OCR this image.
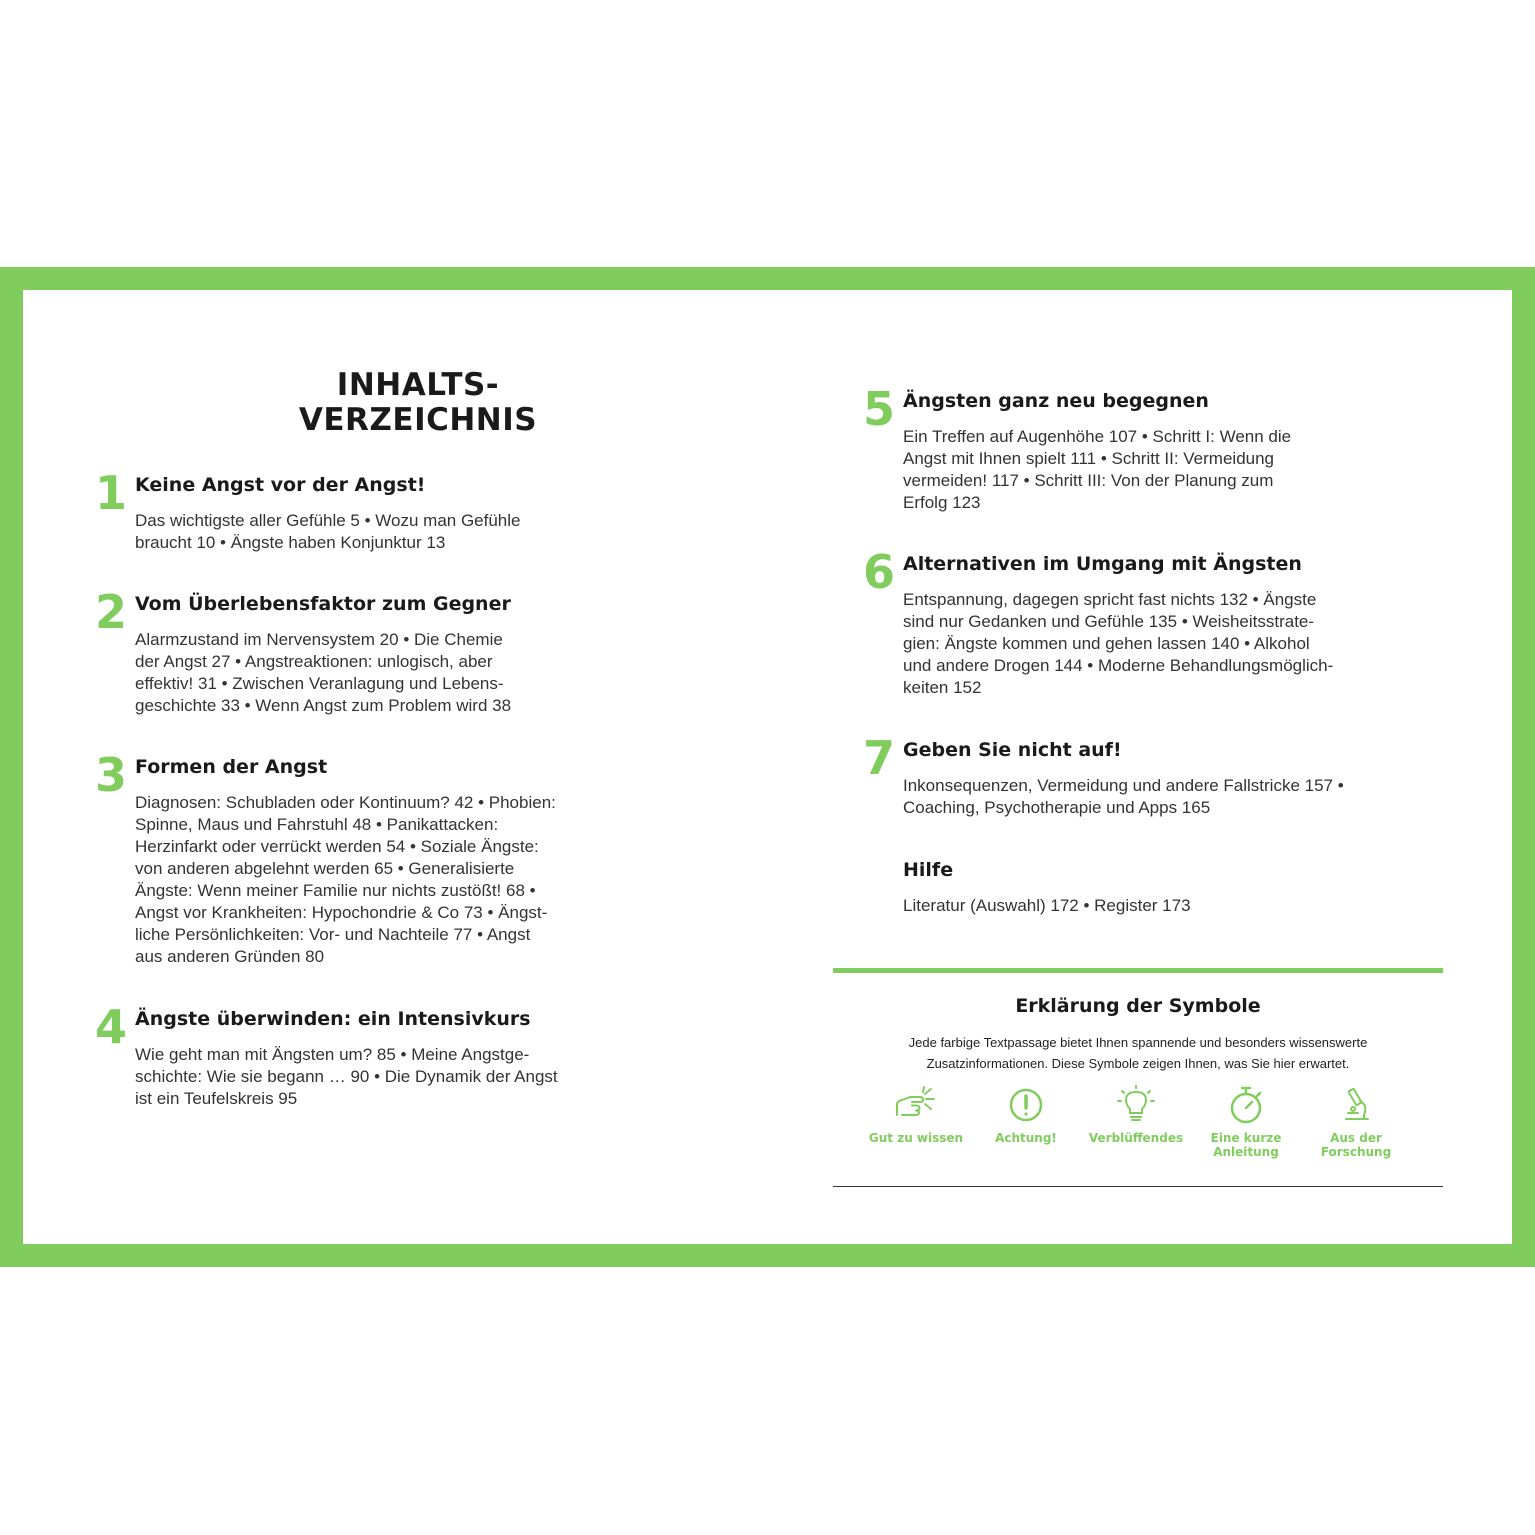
INHALTS-
VERZEICHNIS
1 Keine Angst vor der Angst!
Das wichtigste aller Gefühle 5 • Wozu man Gefühle
braucht 10 • Ängste haben Konjunktur 13
2 Vom Überlebensfaktor zum Gegner
Alarmzustand im Nervensystem 20 • Die Chemie
der Angst 27 • Angstreaktionen: unlogisch, aber
effektiv! 31 • Zwischen Veranlagung und Lebens-
geschichte 33 • Wenn Angst zum Problem wird 38
3 Formen der Angst
Diagnosen: Schubladen oder Kontinuum? 42 • Phobien:
Spinne, Maus und Fahrstuhl 48 • Panikattacken:
Herzinfarkt oder verrückt werden 54 • Soziale Ängste:
von anderen abgelehnt werden 65 • Generalisierte
Ängste: Wenn meiner Familie nur nichts zustößt! 68 •
Angst vor Krankheiten: Hypochondrie & Co 73 • Ängst-
liche Persönlichkeiten: Vor- und Nachteile 77 • Angst
aus anderen Gründen 80
4 Ängste überwinden: ein Intensivkurs
Wie geht man mit Ängsten um? 85 • Meine Angstge-
schichte: Wie sie begann … 90 • Die Dynamik der Angst
ist ein Teufelskreis 95
5 Ängsten ganz neu begegnen
Ein Treffen auf Augenhöhe 107 • Schritt I: Wenn die
Angst mit Ihnen spielt 111 • Schritt II: Vermeidung
vermeiden! 117 • Schritt III: Von der Planung zum
Erfolg 123
6 Alternativen im Umgang mit Ängsten
Entspannung, dagegen spricht fast nichts 132 • Ängste
sind nur Gedanken und Gefühle 135 • Weisheitsstrate-
gien: Ängste kommen und gehen lassen 140 • Alkohol
und andere Drogen 144 • Moderne Behandlungsmöglich-
keiten 152
7 Geben Sie nicht auf!
Inkonsequenzen, Vermeidung und andere Fallstricke 157 •
Coaching, Psychotherapie und Apps 165
Hilfe
Literatur (Auswahl) 172 • Register 173
Erklärung der Symbole
Jede farbige Textpassage bietet Ihnen spannende und besonders wissenswerte
Zusatzinformationen. Diese Symbole zeigen Ihnen, was Sie hier erwartet.
Gut zu wissen	Achtung!	Verblüffendes	Eine kurze
Anleitung
Aus der
Forschung
